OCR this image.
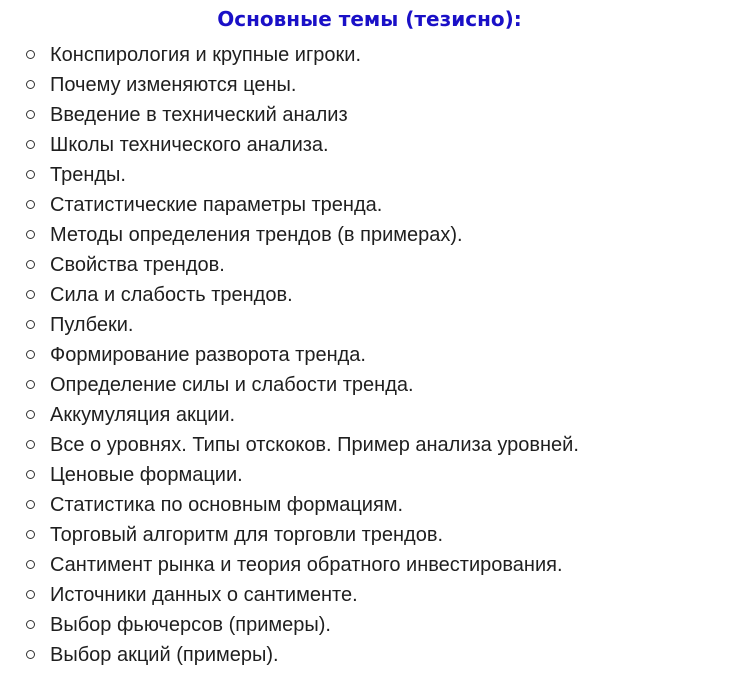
Основные темы (тезисно):
Конспирология и крупные игроки.
Почему изменяются цены.
Введение в технический анализ
Школы технического анализа.
Тренды.
Статистические параметры тренда.
Методы определения трендов (в примерах).
Свойства трендов.
Сила и слабость трендов.
Пулбеки.
Формирование разворота тренда.
Определение силы и слабости тренда.
Аккумуляция акции.
Все о уровнях. Типы отскоков. Пример анализа уровней.
Ценовые формации.
Статистика по основным формациям.
Торговый алгоритм для торговли трендов.
Сантимент рынка и теория обратного инвестирования.
Источники данных о сантименте.
Выбор фьючерсов (примеры).
Выбор акций (примеры).
